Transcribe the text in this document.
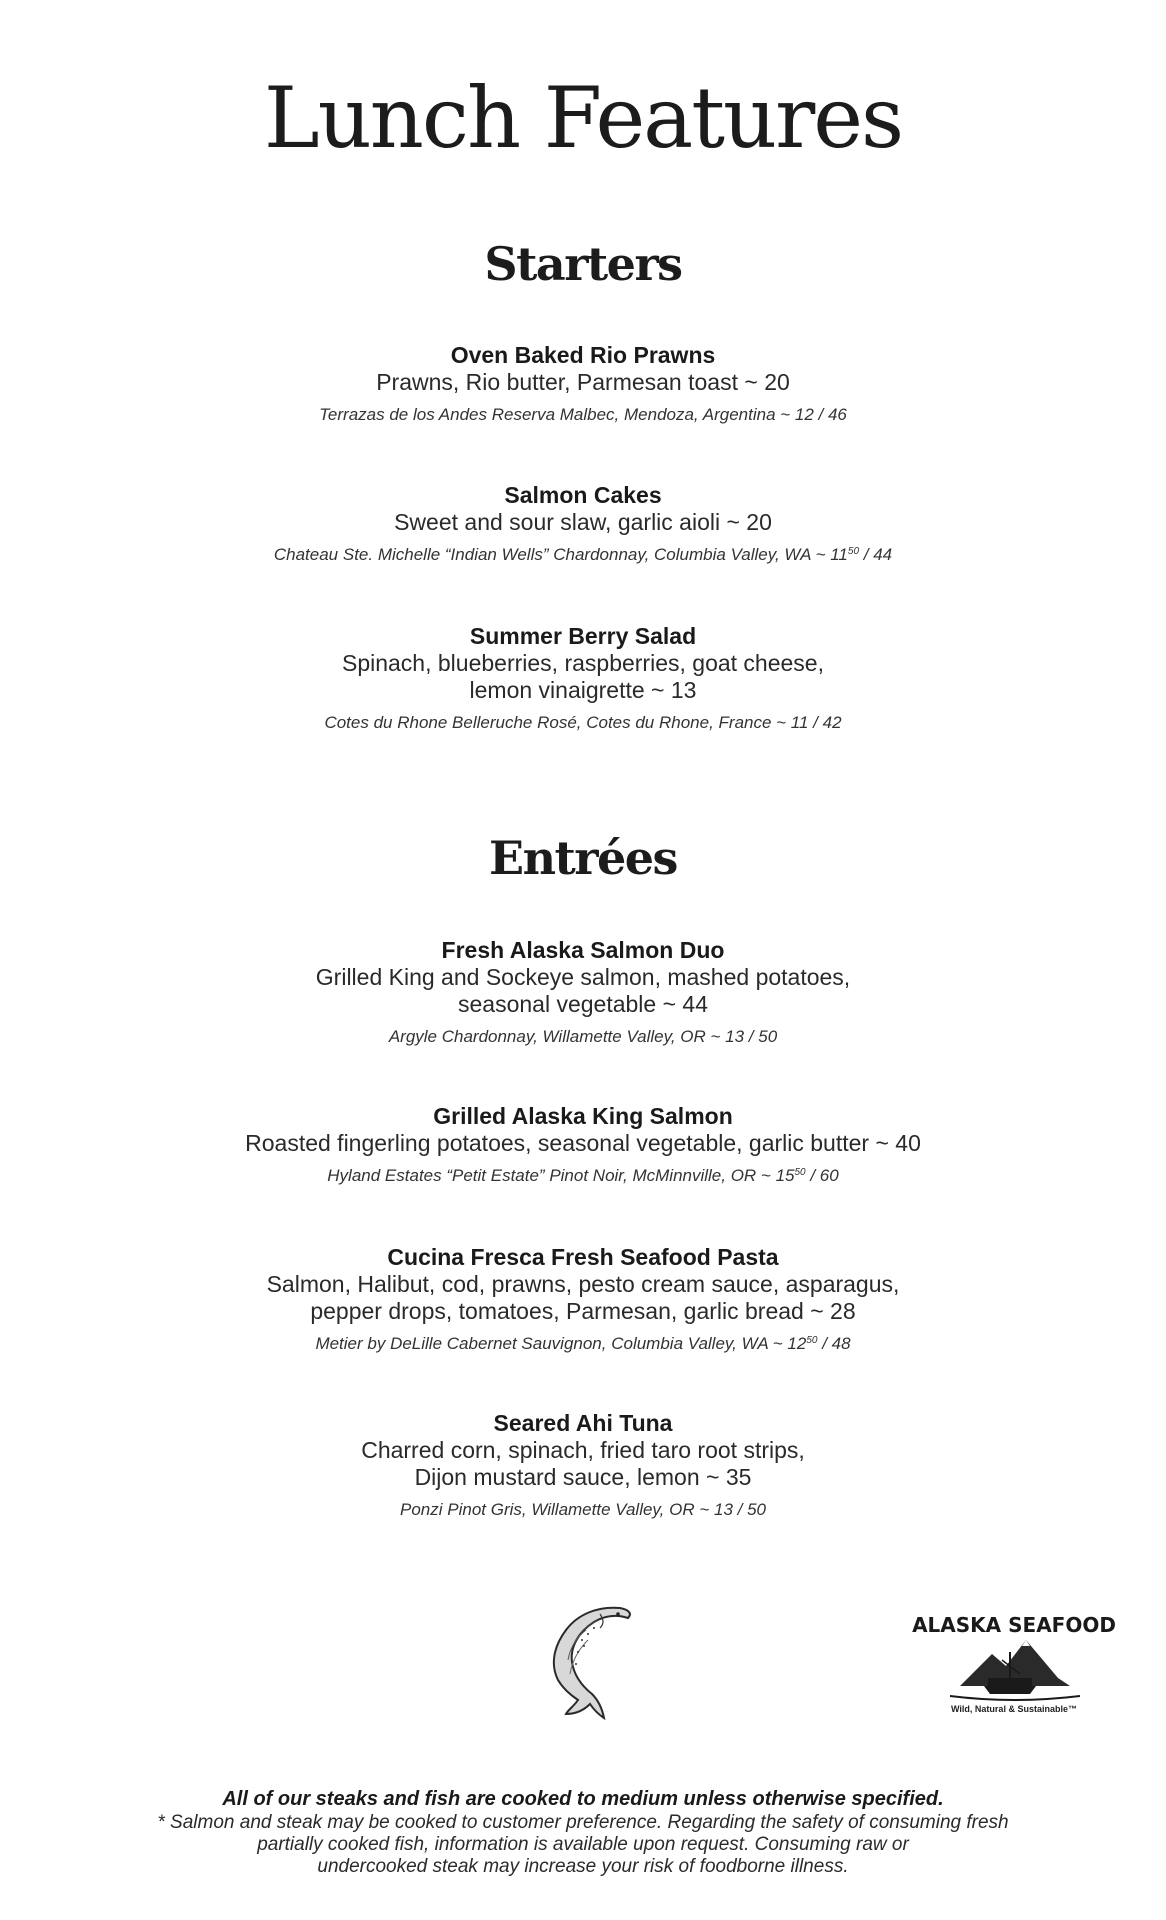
Lunch Features
Starters
Oven Baked Rio Prawns
Prawns, Rio butter, Parmesan toast ~ 20
Terrazas de los Andes Reserva Malbec, Mendoza, Argentina ~ 12 / 46
Salmon Cakes
Sweet and sour slaw, garlic aioli ~ 20
Chateau Ste. Michelle “Indian Wells” Chardonnay, Columbia Valley, WA ~ $11^{50} / 44$
Summer Berry Salad
Spinach, blueberries, raspberries, goat cheese,
lemon vinaigrette ~ 13
Cotes du Rhone Belleruche Rosé, Cotes du Rhone, France ~ 11 / 42
Entrées
Fresh Alaska Salmon Duo
Grilled King and Sockeye salmon, mashed potatoes,
seasonal vegetable ~ 44
Argyle Chardonnay, Willamette Valley, OR ~ 13 / 50
Grilled Alaska King Salmon
Roasted fingerling potatoes, seasonal vegetable, garlic butter ~ 40
Hyland Estates “Petit Estate” Pinot Noir, McMinnville, OR ~ $15^{50} / 60$
Cucina Fresca Fresh Seafood Pasta
Salmon, Halibut, cod, prawns, pesto cream sauce, asparagus,
pepper drops, tomatoes, Parmesan, garlic bread ~ 28
Metier by DeLille Cabernet Sauvignon, Columbia Valley, WA ~ $12^{50} / 48$
Seared Ahi Tuna
Charred corn, spinach, fried taro root strips,
Dijon mustard sauce, lemon ~ 35
Ponzi Pinot Gris, Willamette Valley, OR ~ 13 / 50
ALASKA SEAFOOD
Wild, Natural & Sustainable™
All of our steaks and fish are cooked to medium unless otherwise specified.
* Salmon and steak may be cooked to customer preference. Regarding the safety of consuming fresh
partially cooked fish, information is available upon request. Consuming raw or
undercooked steak may increase your risk of foodborne illness.
